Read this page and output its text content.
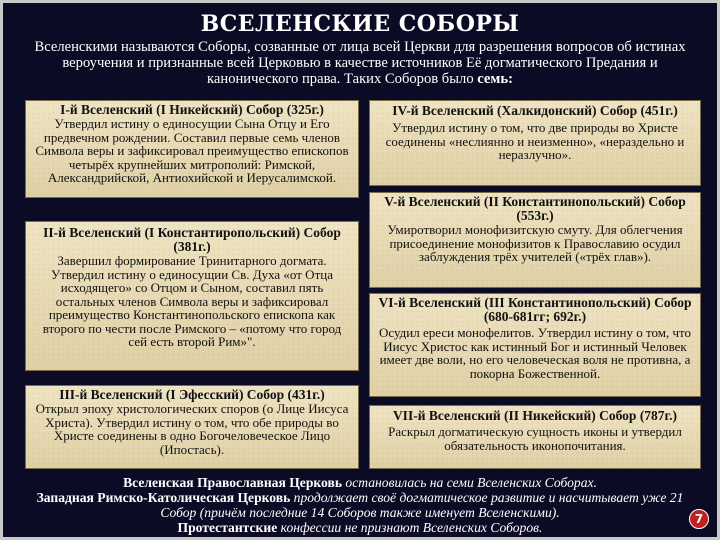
ВСЕЛЕНСКИЕ СОБОРЫ
Вселенскими называются Соборы, созванные от лица всей Церкви для разрешения вопросов об истинах вероучения и признанные всей Церковью в качестве источников Её догматического Предания и канонического права. Таких Соборов было семь:
I-й Вселенский (I Никейский) Собор (325г.)
Утвердил истину о единосущии Сына Отцу и Его предвечном рождении. Составил первые семь членов Символа веры и зафиксировал преимущество епископов четырёх крупнейших митрополий: Римской, Александрийской, Антиохийской и Иерусалимской.
II-й Вселенский (I Константиропольский) Собор (381г.)
Завершил формирование Тринитарного догмата. Утвердил истину о единосущии Св. Духа «от Отца исходящего» со Отцом и Сыном, составил пять остальных членов Символа веры и зафиксировал преимущество Константинопольского епископа как второго по чести после Римского – «потому что город сей есть второй Рим»".
III-й Вселенский (I Эфесский) Собор (431г.)
Открыл эпоху христологических споров (о Лице Иисуса Христа). Утвердил истину о том, что обе природы во Христе соединены в одно Богочеловеческое Лицо (Ипостась).
IV-й Вселенский (Халкидонский) Собор (451г.)
Утвердил истину о том, что две природы во Христе соединены «неслиянно и неизменно», «нераздельно и неразлучно».
V-й Вселенский (II Константинопольский) Собор (553г.)
Умиротворил монофизитскую смуту. Для облегчения присоединение монофизитов к Православию осудил заблуждения трёх учителей («трёх глав»).
VI-й Вселенский (III Константинопольский) Собор (680-681гг; 692г.)
Осудил ереси монофелитов. Утвердил истину о том, что Иисус Христос как истинный Бог и истинный Человек имеет две воли, но его человеческая воля не противна, а покорна Божественной.
VII-й Вселенский (II Никейский) Собор (787г.)
Раскрыл догматическую сущность иконы и утвердил обязательность иконопочитания.
Вселенская Православная Церковь остановилась на семи Вселенских Соборах.
Западная Римско-Католическая Церковь продолжает своё догматическое развитие и насчитывает уже 21 Собор (причём последние 14 Соборов также именует Вселенскими).
Протестантские конфессии не признают Вселенских Соборов.
7
